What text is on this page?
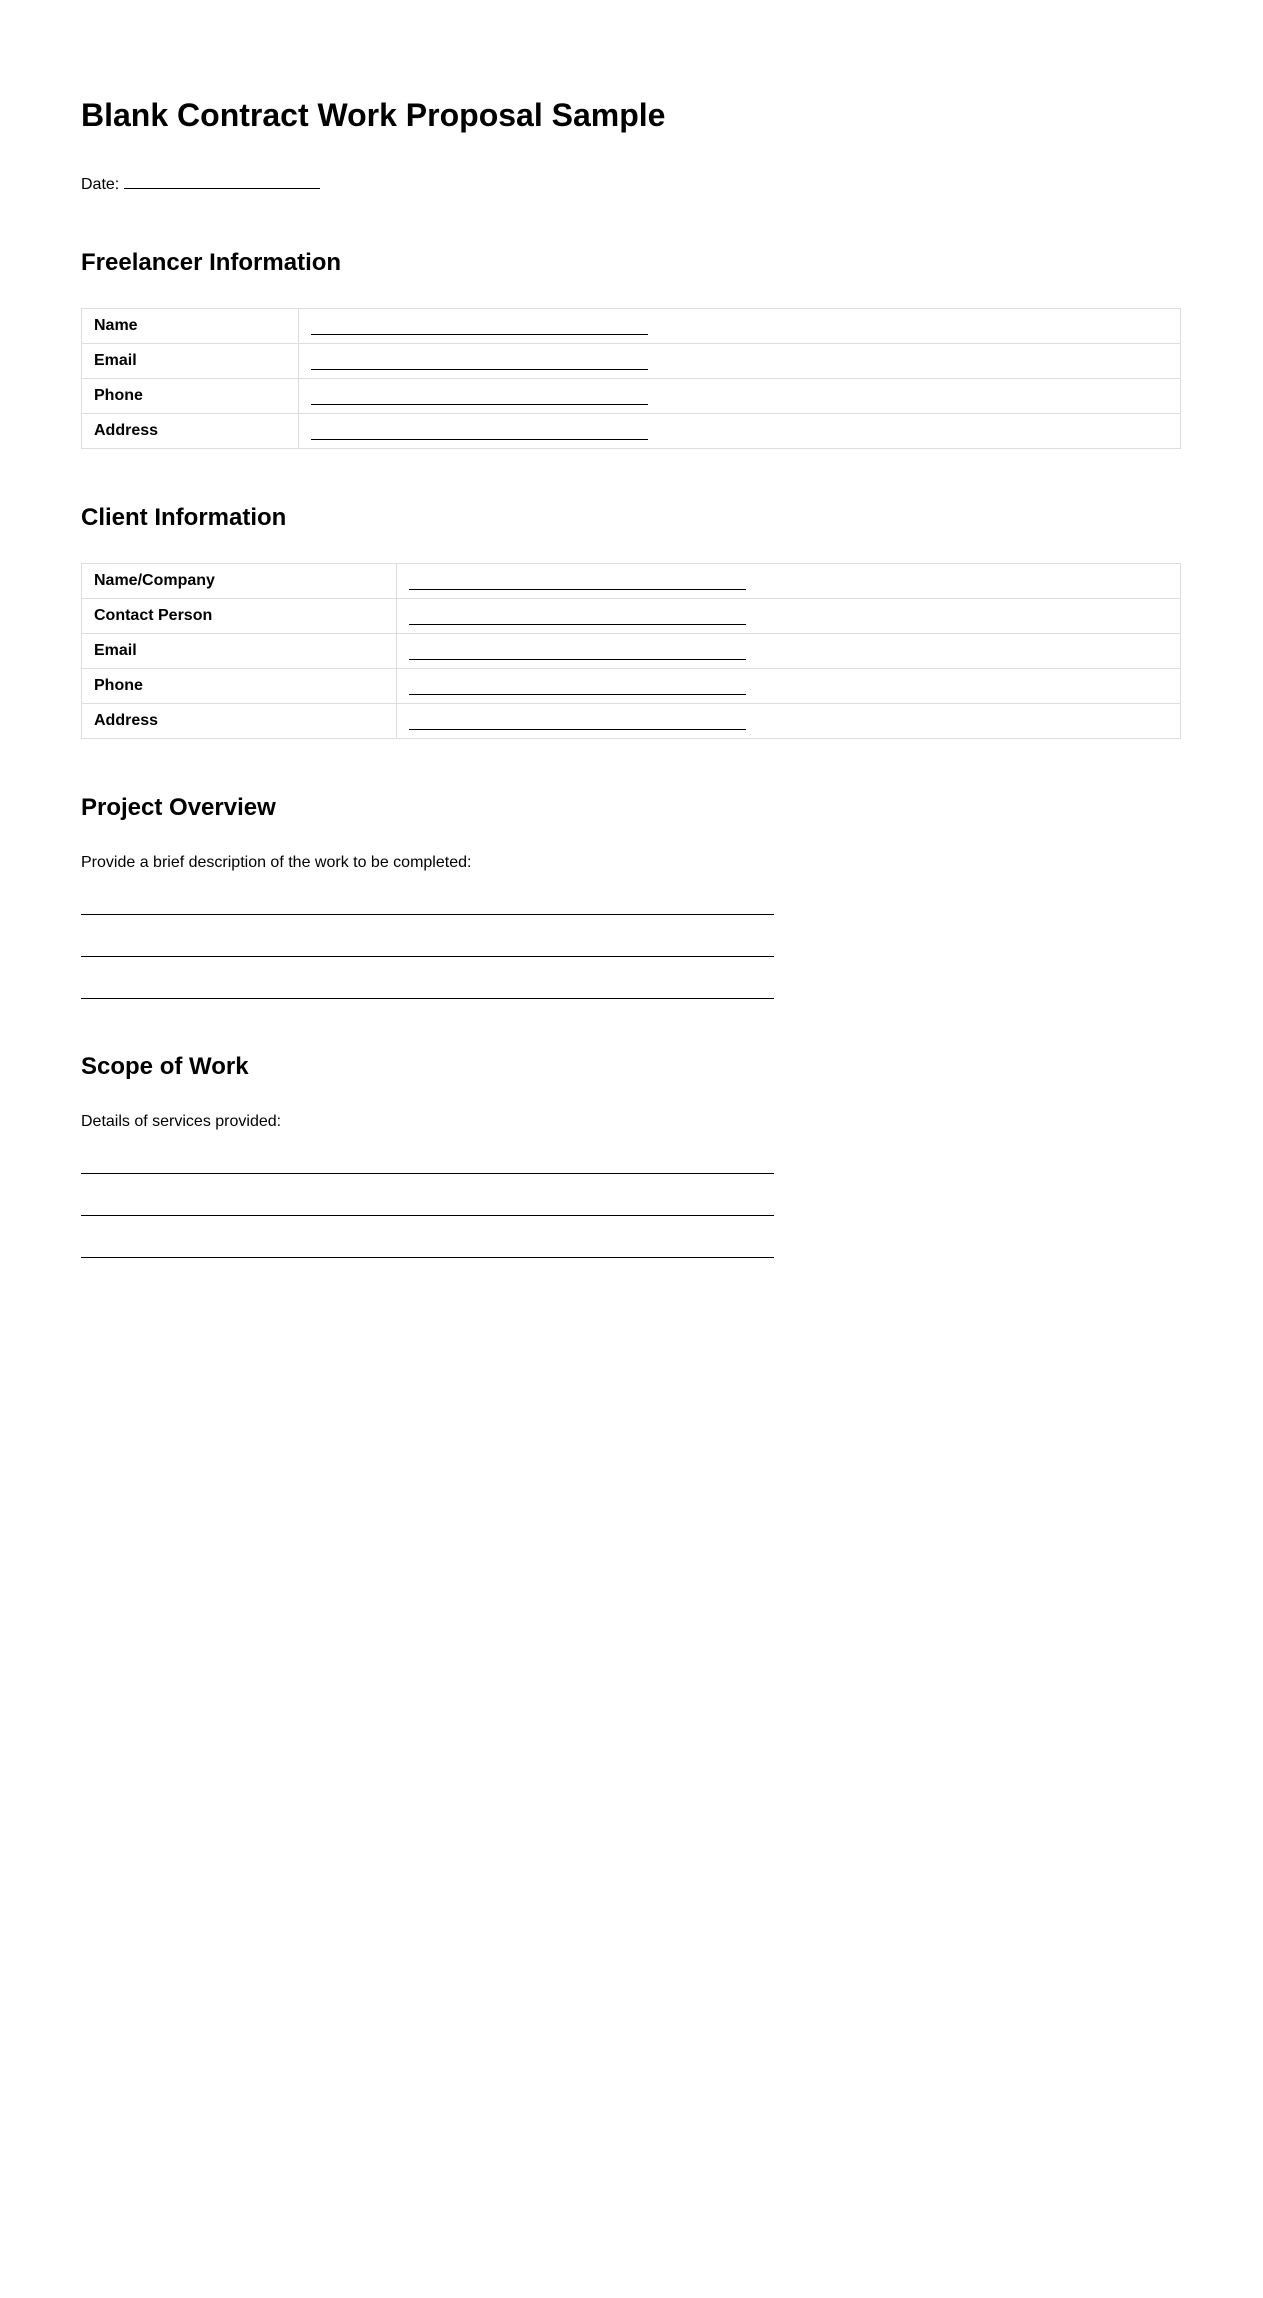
Blank Contract Work Proposal Sample
Date:
Freelancer Information
Name	
Email	
Phone	
Address	
Client Information
Name/Company	
Contact Person	
Email	
Phone	
Address	
Project Overview

Provide a brief description of the work to be completed:

Scope of Work

Details of services provided:
